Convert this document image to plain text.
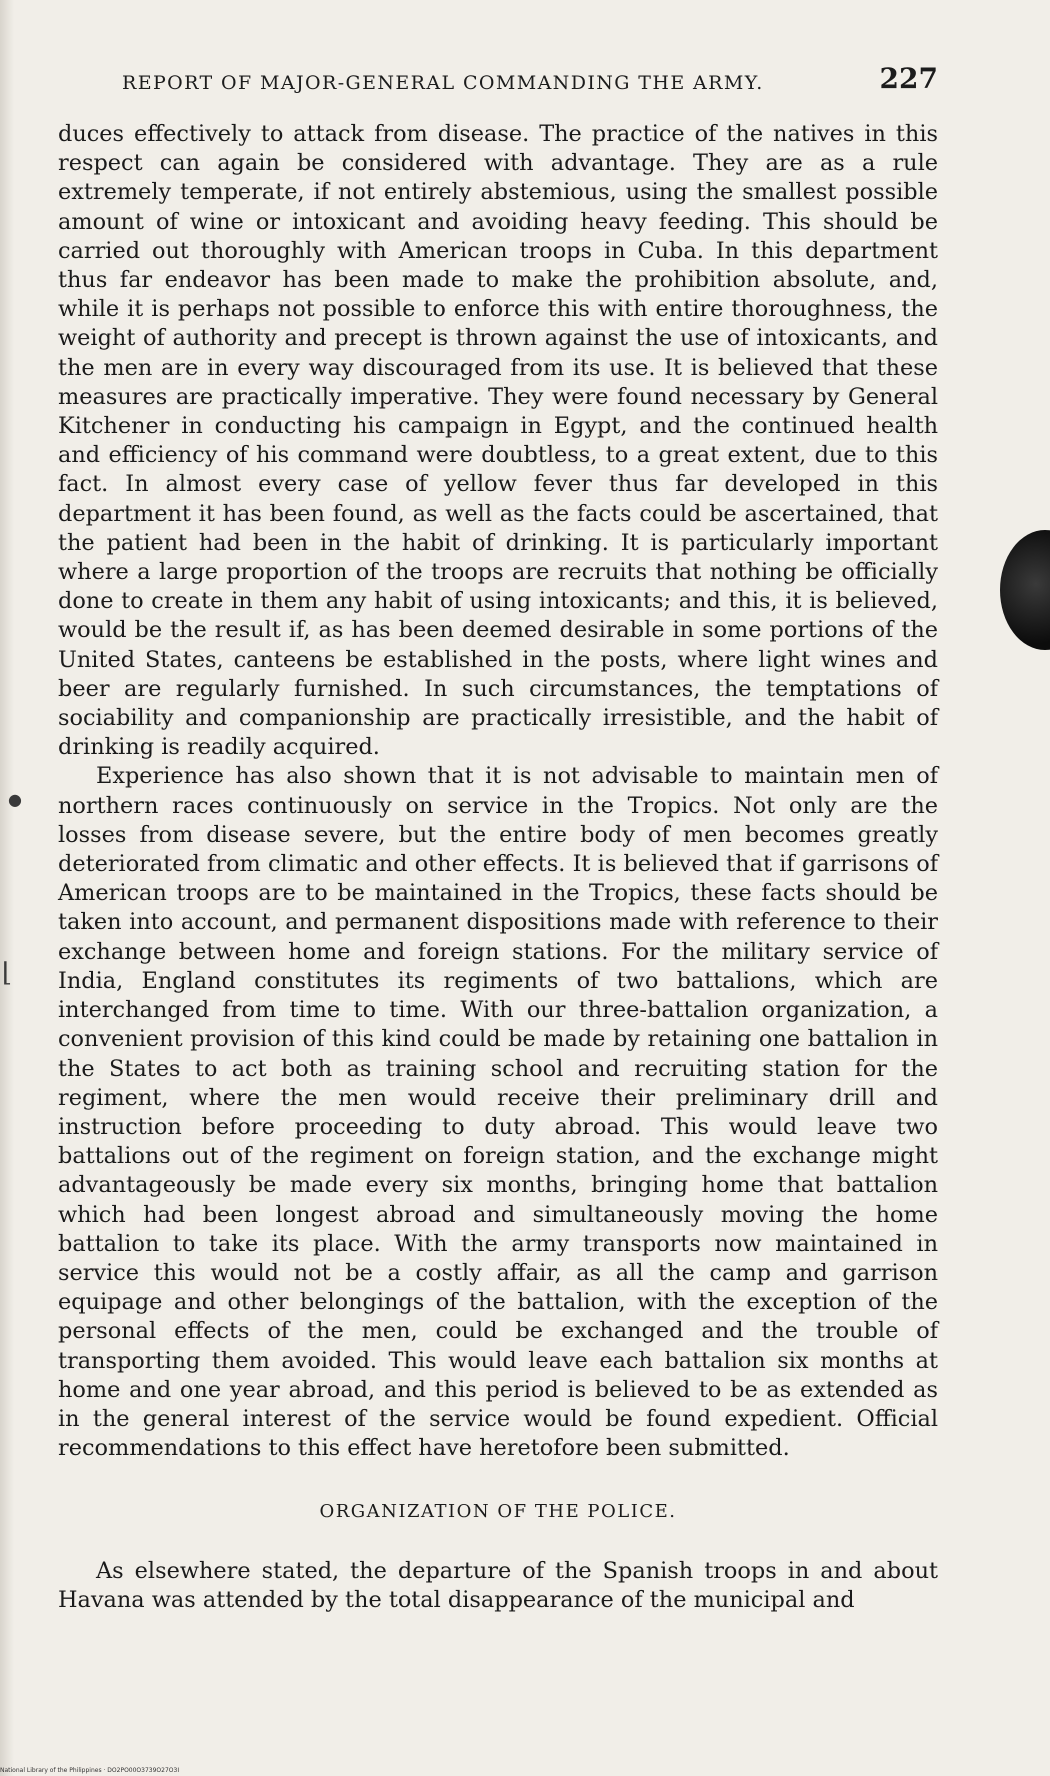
●
⌊
REPORT OF MAJOR-GENERAL COMMANDING THE ARMY.	227

duces effectively to attack from disease. The practice of the natives in this respect can again be considered with advantage. They are as a rule extremely temperate, if not entirely abstemious, using the smallest possible amount of wine or intoxicant and avoiding heavy feeding. This should be carried out thoroughly with American troops in Cuba. In this department thus far endeavor has been made to make the prohibition absolute, and, while it is perhaps not possible to enforce this with entire thoroughness, the weight of authority and precept is thrown against the use of intoxicants, and the men are in every way discouraged from its use. It is believed that these measures are practically imperative. They were found necessary by General Kitchener in conducting his campaign in Egypt, and the continued health and efficiency of his command were doubtless, to a great extent, due to this fact. In almost every case of yellow fever thus far developed in this department it has been found, as well as the facts could be ascertained, that the patient had been in the habit of drinking. It is particularly important where a large proportion of the troops are recruits that nothing be officially done to create in them any habit of using intoxicants; and this, it is believed, would be the result if, as has been deemed desirable in some portions of the United States, canteens be established in the posts, where light wines and beer are regularly furnished. In such circumstances, the temptations of sociability and companionship are practically irresistible, and the habit of drinking is readily acquired.

Experience has also shown that it is not advisable to maintain men of northern races continuously on service in the Tropics. Not only are the losses from disease severe, but the entire body of men becomes greatly deteriorated from climatic and other effects. It is believed that if garrisons of American troops are to be maintained in the Tropics, these facts should be taken into account, and permanent dispositions made with reference to their exchange between home and foreign stations. For the military service of India, England constitutes its regiments of two battalions, which are interchanged from time to time. With our three-battalion organization, a convenient provision of this kind could be made by retaining one battalion in the States to act both as training school and recruiting station for the regiment, where the men would receive their preliminary drill and instruction before proceeding to duty abroad. This would leave two battalions out of the regiment on foreign station, and the exchange might advantageously be made every six months, bringing home that battalion which had been longest abroad and simultaneously moving the home battalion to take its place. With the army transports now maintained in service this would not be a costly affair, as all the camp and garrison equipage and other belongings of the battalion, with the exception of the personal effects of the men, could be exchanged and the trouble of transporting them avoided. This would leave each battalion six months at home and one year abroad, and this period is believed to be as extended as in the general interest of the service would be found expedient. Official recommendations to this effect have heretofore been submitted.

ORGANIZATION OF THE POLICE.

As elsewhere stated, the departure of the Spanish troops in and about Havana was attended by the total disappearance of the municipal and

National Library of the Philippines · DO2PO00O3739O27O3I
